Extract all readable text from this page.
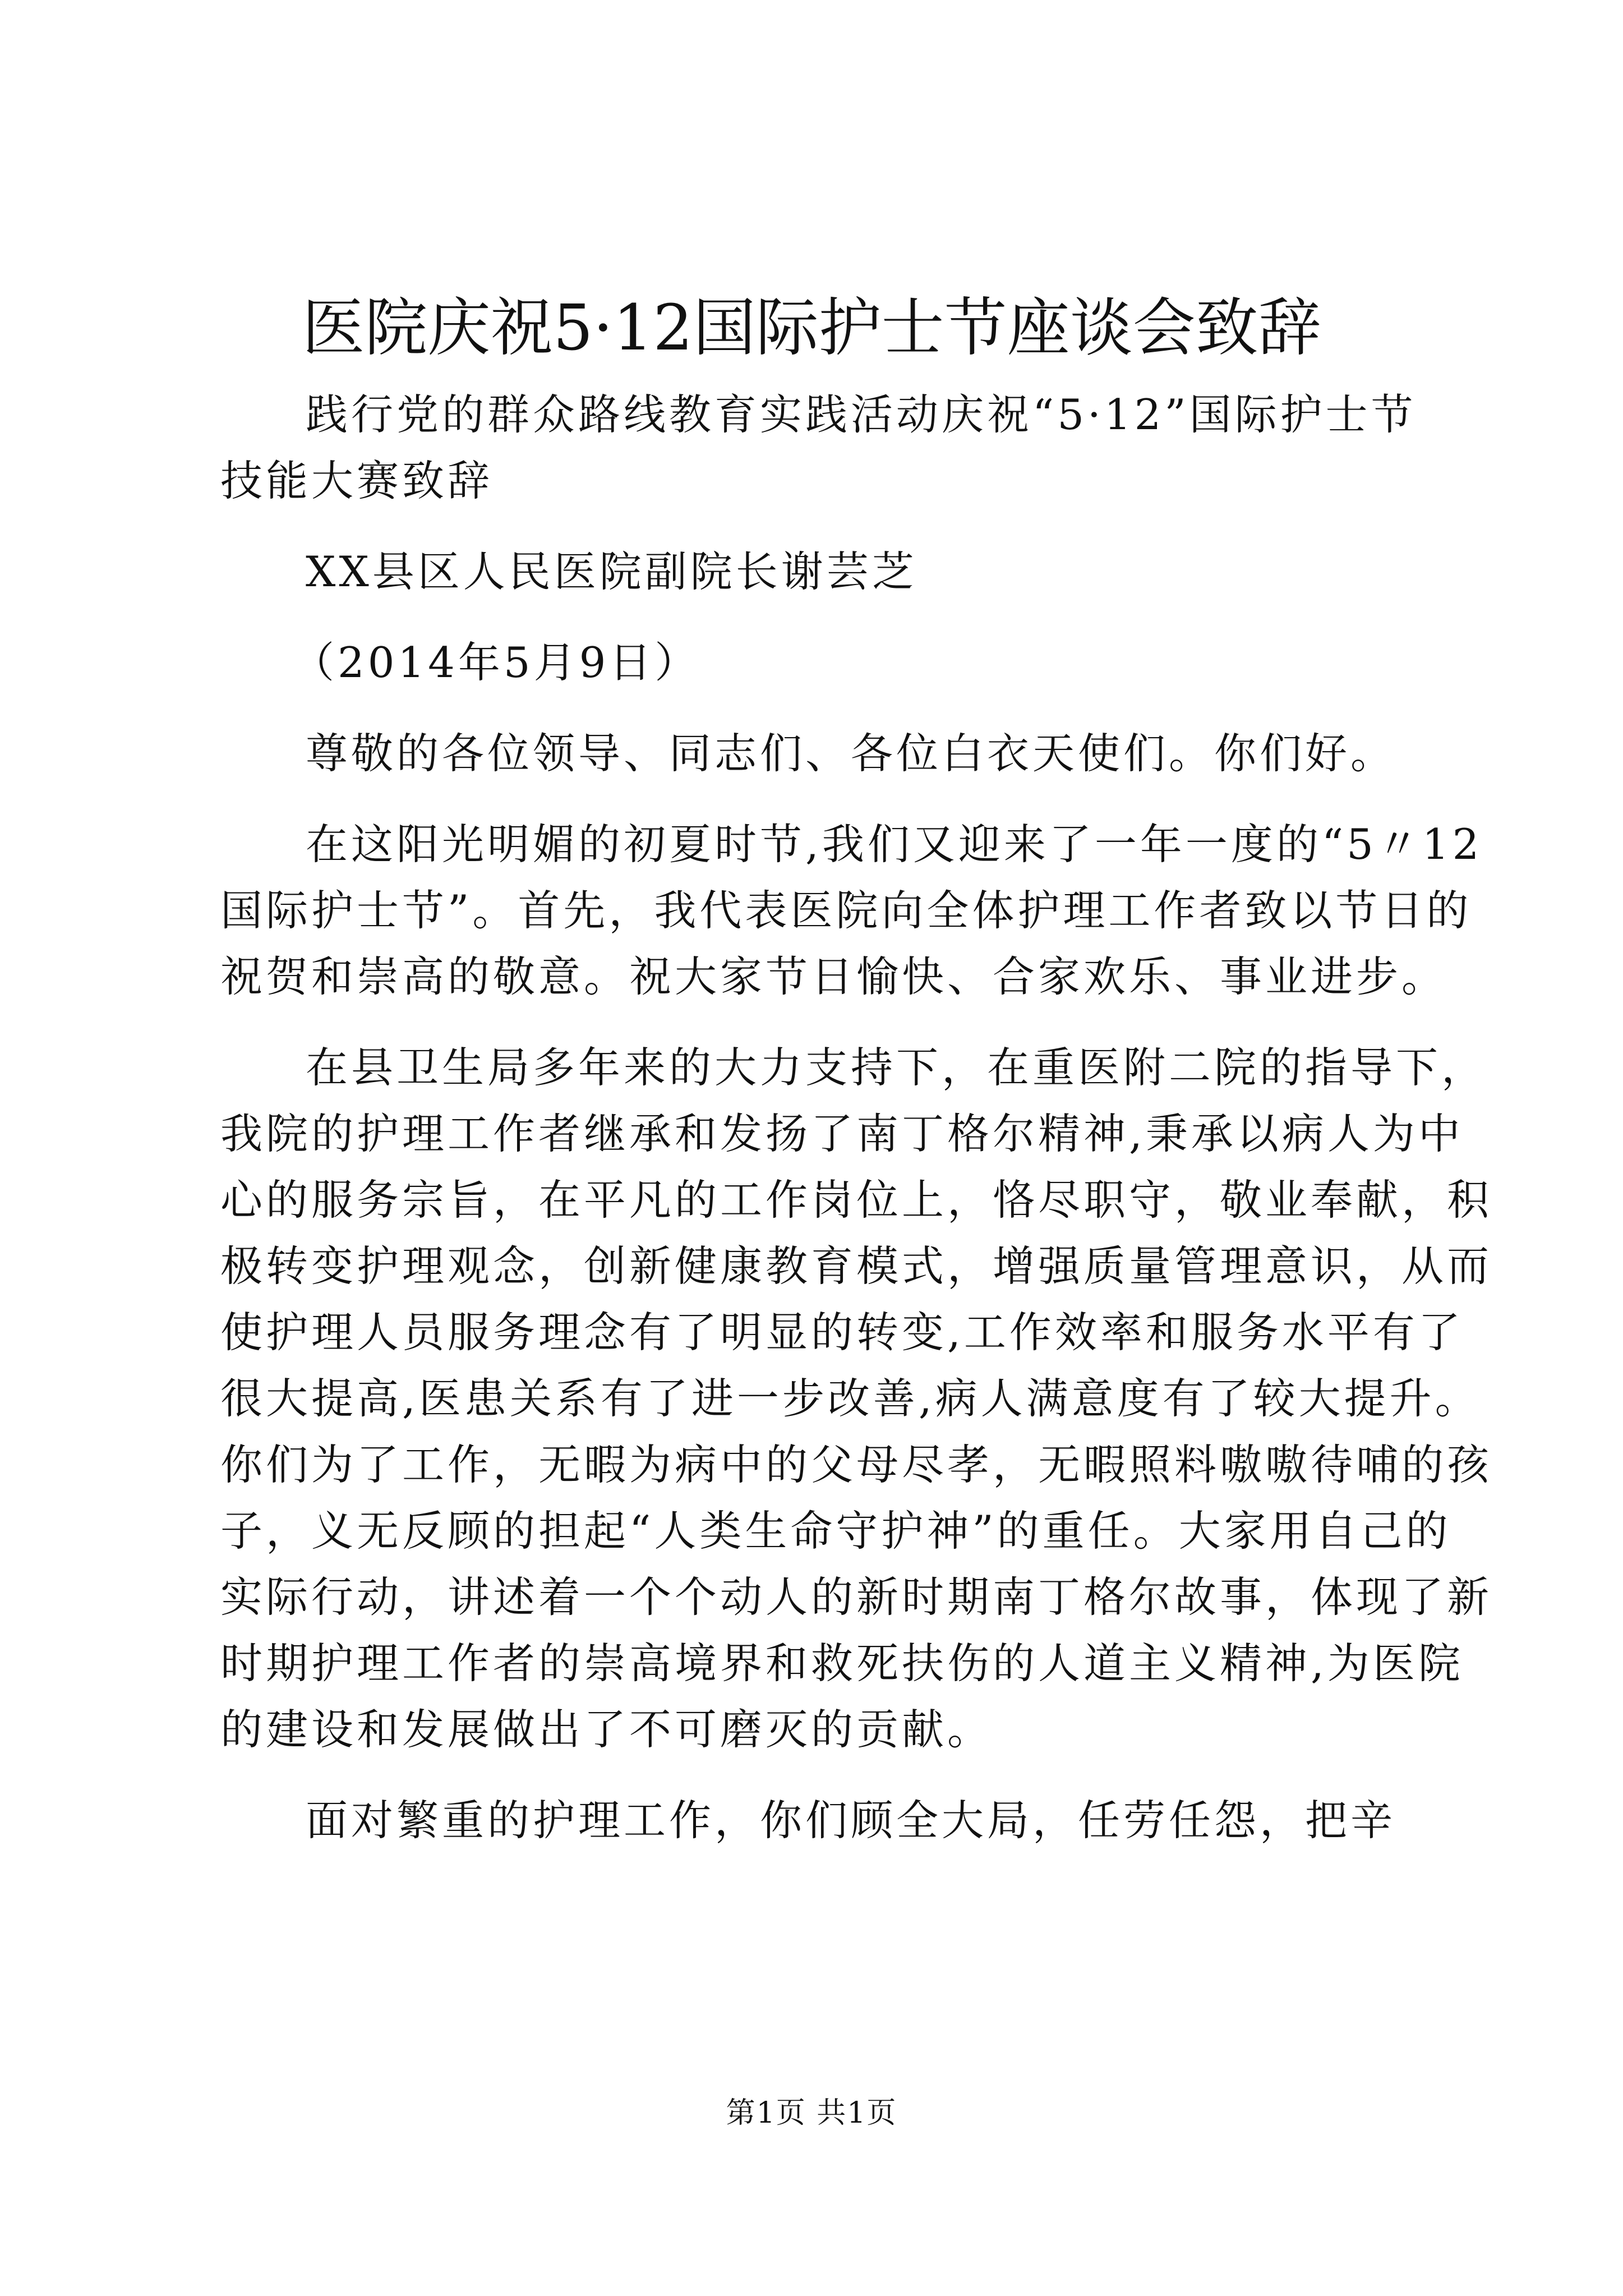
医院庆祝5·12国际护士节座谈会致辞
践行党的群众路线教育实践活动庆祝“5·12”国际护士节
技能大赛致辞
XX县区人民医院副院长谢芸芝
（2014年5月9日）
尊敬的各位领导、同志们、各位白衣天使们。你们好。
在这阳光明媚的初夏时节,我们又迎来了一年一度的“5〃12
国际护士节”。首先，我代表医院向全体护理工作者致以节日的
祝贺和崇高的敬意。祝大家节日愉快、合家欢乐、事业进步。
在县卫生局多年来的大力支持下，在重医附二院的指导下，
我院的护理工作者继承和发扬了南丁格尔精神,秉承以病人为中
心的服务宗旨，在平凡的工作岗位上，恪尽职守，敬业奉献，积
极转变护理观念，创新健康教育模式，增强质量管理意识，从而
使护理人员服务理念有了明显的转变,工作效率和服务水平有了
很大提高,医患关系有了进一步改善,病人满意度有了较大提升。
你们为了工作，无暇为病中的父母尽孝，无暇照料嗷嗷待哺的孩
子，义无反顾的担起“人类生命守护神”的重任。大家用自己的
实际行动，讲述着一个个动人的新时期南丁格尔故事，体现了新
时期护理工作者的崇高境界和救死扶伤的人道主义精神,为医院
的建设和发展做出了不可磨灭的贡献。
面对繁重的护理工作，你们顾全大局，任劳任怨，把辛
第1页 共1页
